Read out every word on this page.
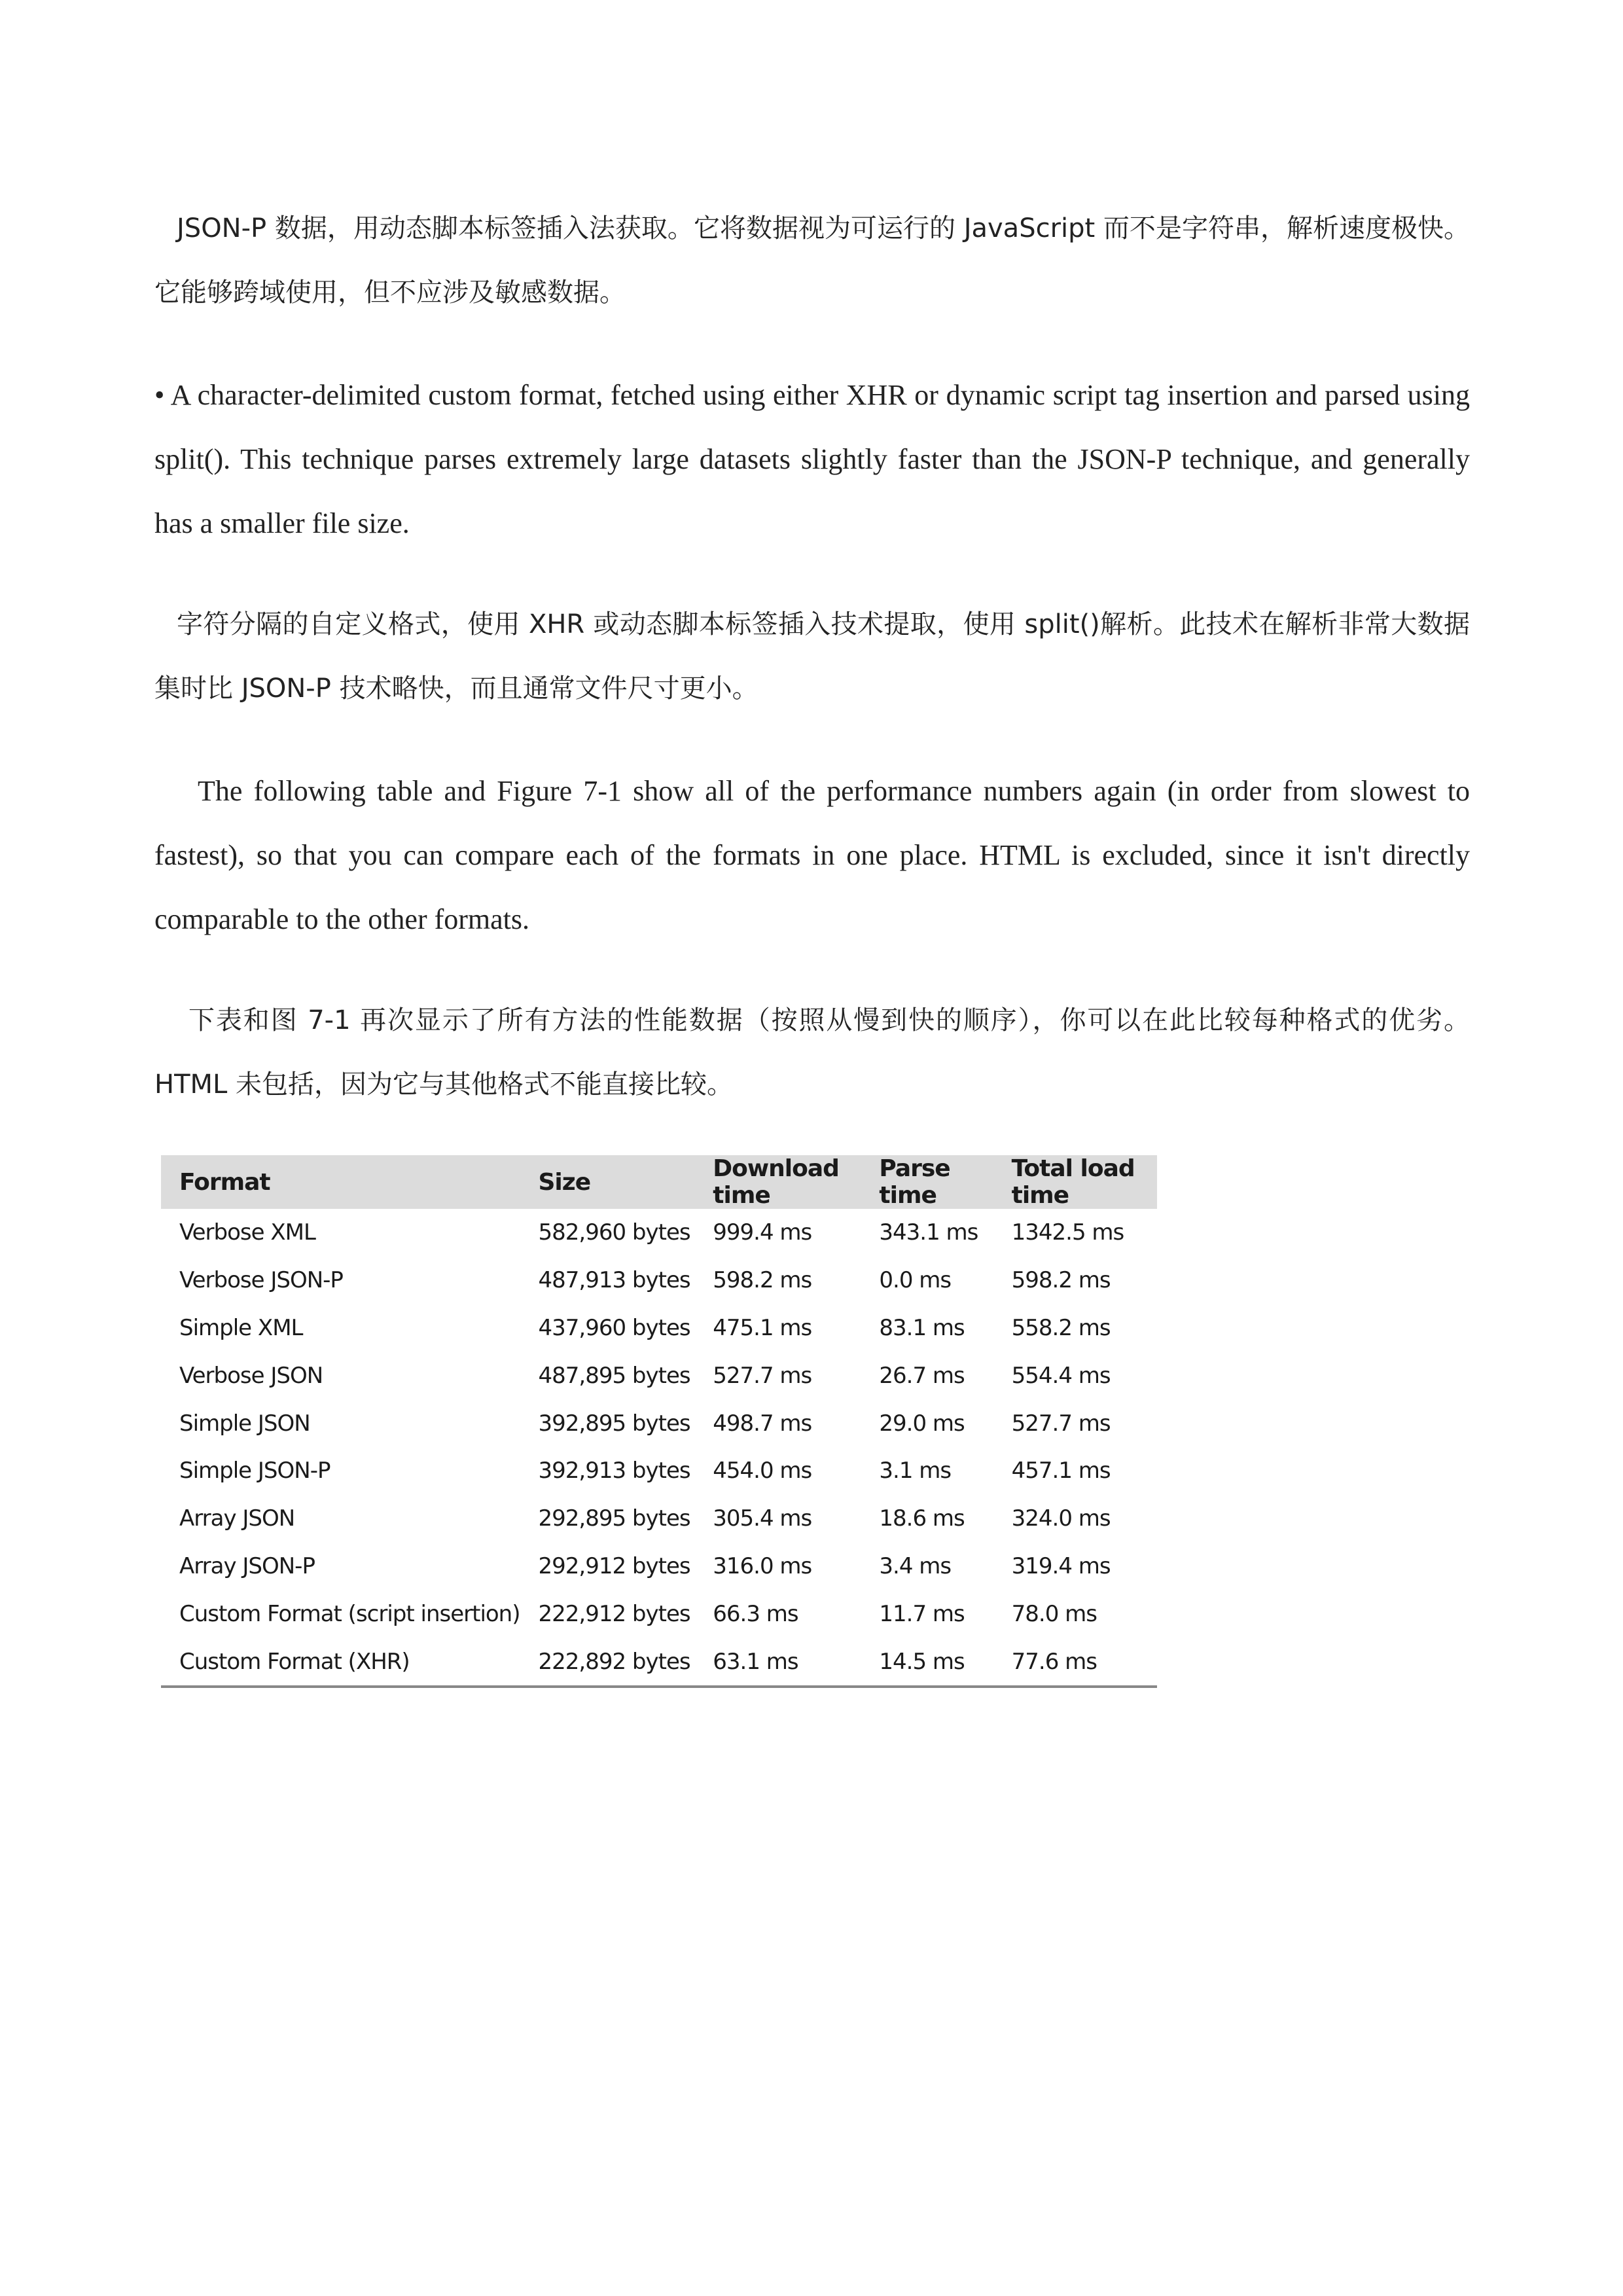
JSON-P 数据，用动态脚本标签插入法获取。它将数据视为可运行的 JavaScript 而不是字符串，解析速度极快。它能够跨域使用，但不应涉及敏感数据。

• A character-delimited custom format, fetched using either XHR or dynamic script tag insertion and parsed using split(). This technique parses extremely large datasets slightly faster than the JSON-P technique, and generally has a smaller file size.

字符分隔的自定义格式，使用 XHR 或动态脚本标签插入技术提取，使用 split()解析。此技术在解析非常大数据集时比 JSON-P 技术略快，而且通常文件尺寸更小。

The following table and Figure 7-1 show all of the performance numbers again (in order from slowest to fastest), so that you can compare each of the formats in one place. HTML is excluded, since it isn't directly comparable to the other formats.

下表和图 7-1 再次显示了所有方法的性能数据（按照从慢到快的顺序），你可以在此比较每种格式的优劣。HTML 未包括，因为它与其他格式不能直接比较。

Format	Size	Download time	Parse time	Total load time
Verbose XML	582,960 bytes	999.4 ms	343.1 ms	1342.5 ms
Verbose JSON-P	487,913 bytes	598.2 ms	0.0 ms	598.2 ms
Simple XML	437,960 bytes	475.1 ms	83.1 ms	558.2 ms
Verbose JSON	487,895 bytes	527.7 ms	26.7 ms	554.4 ms
Simple JSON	392,895 bytes	498.7 ms	29.0 ms	527.7 ms
Simple JSON-P	392,913 bytes	454.0 ms	3.1 ms	457.1 ms
Array JSON	292,895 bytes	305.4 ms	18.6 ms	324.0 ms
Array JSON-P	292,912 bytes	316.0 ms	3.4 ms	319.4 ms
Custom Format (script insertion)	222,912 bytes	66.3 ms	11.7 ms	78.0 ms
Custom Format (XHR)	222,892 bytes	63.1 ms	14.5 ms	77.6 ms
